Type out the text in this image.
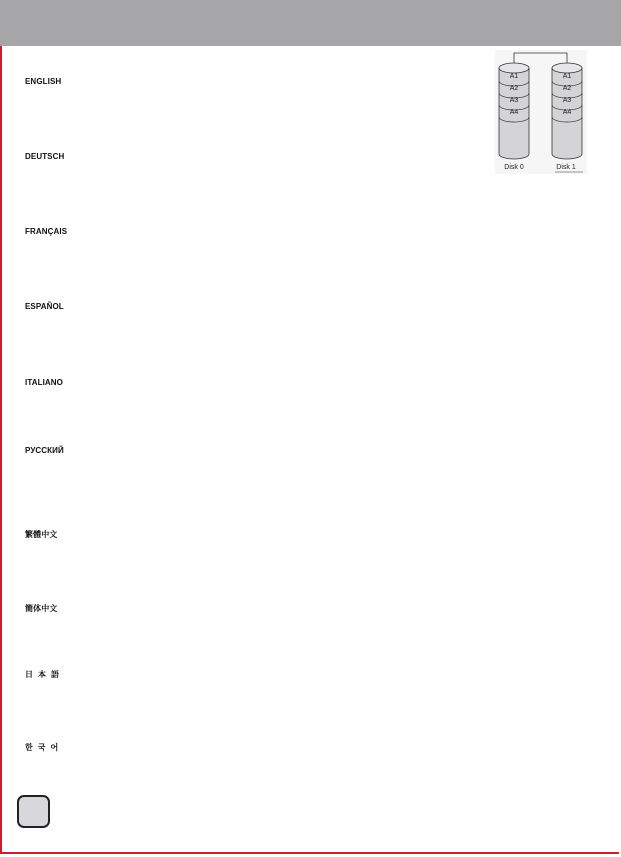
ENGLISH
DEUTSCH
FRANÇAIS
ESPAÑOL
ITALIANO
РУССКИЙ
繁體中文
簡体中文
日本語
한국어
A1
A2
A3
A4
A1
A2
A3
A4
Disk 0	Disk 1
